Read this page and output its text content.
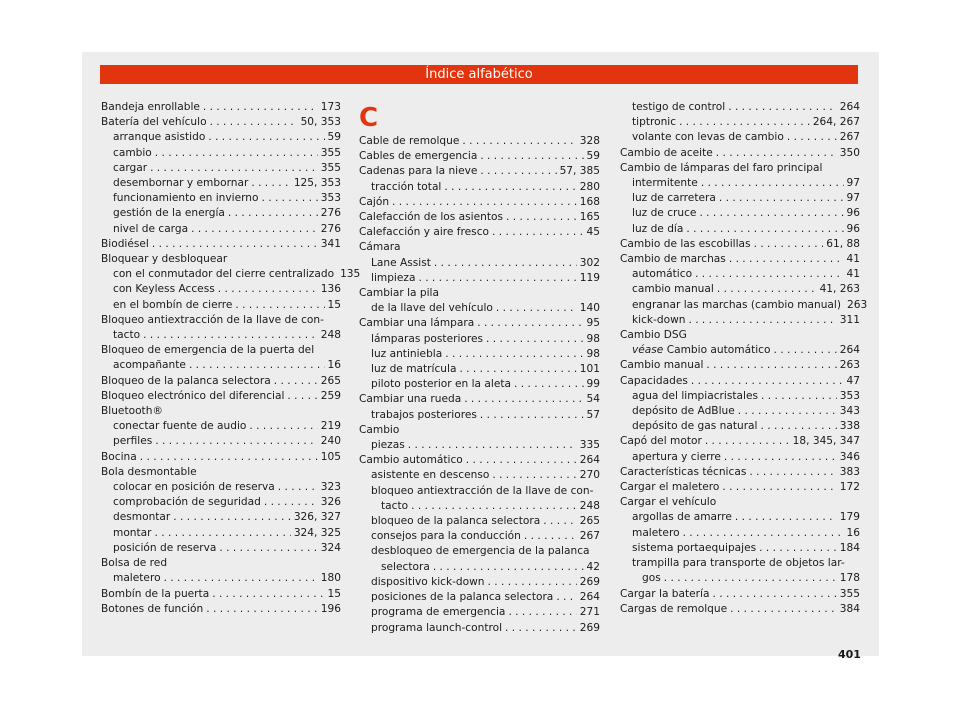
Índice alfabético
Bandeja enrollable . . .	173
Batería del vehículo . . .	50, 353
arranque asistido . . .	59
cambio . . .	355
cargar . . .	355
desembornar y embornar . . .	125, 353
funcionamiento en invierno . . .	353
gestión de la energía . . .	276
nivel de carga . . .	276
Biodiésel . . .	341
Bloquear y desbloquear
con el conmutador del cierre centralizado 135
con Keyless Access . . .	136
en el bombín de cierre . . .	15
Bloqueo antiextracción de la llave de con-
tacto . . .	248
Bloqueo de emergencia de la puerta del
acompañante . . .	16
Bloqueo de la palanca selectora . . .	265
Bloqueo electrónico del diferencial . . .	259
Bluetooth®
conectar fuente de audio . . .	219
perfiles . . .	240
Bocina . . .	105
Bola desmontable
colocar en posición de reserva . . .	323
comprobación de seguridad . . .	326
desmontar . . .	326, 327
montar . . .	324, 325
posición de reserva . . .	324
Bolsa de red
maletero . . .	180
Bombín de la puerta . . .	15
Botones de función . . .	196
C
Cable de remolque . . .	328
Cables de emergencia . . .	59
Cadenas para la nieve . . .	57, 385
tracción total . . .	280
Cajón . . .	168
Calefacción de los asientos . . .	165
Calefacción y aire fresco . . .	45
Cámara
Lane Assist . . .	302
limpieza . . .	119
Cambiar la pila
de la llave del vehículo . . .	140
Cambiar una lámpara . . .	95
lámparas posteriores . . .	98
luz antiniebla . . .	98
luz de matrícula . . .	101
piloto posterior en la aleta . . .	99
Cambiar una rueda . . .	54
trabajos posteriores . . .	57
Cambio
piezas . . .	335
Cambio automático . . .	264
asistente en descenso . . .	270
bloqueo antiextracción de la llave de con-
tacto . . .	248
bloqueo de la palanca selectora . . .	265
consejos para la conducción . . .	267
desbloqueo de emergencia de la palanca
selectora . . .	42
dispositivo kick-down . . .	269
posiciones de la palanca selectora . . . 264
programa de emergencia . . .	271
programa launch-control . . .	269
testigo de control . . .	264
tiptronic . . .	264, 267
volante con levas de cambio . . .	267
Cambio de aceite . . .	350
Cambio de lámparas del faro principal
intermitente . . .	97
luz de carretera . . .	97
luz de cruce . . .	96
luz de día . . .	96
Cambio de las escobillas . . .	61, 88
Cambio de marchas . . .	41
automático . . .	41
cambio manual . . .	41, 263
engranar las marchas (cambio manual) 263
kick-down . . .	311
Cambio DSG
véase Cambio automático . . .	264
Cambio manual . . .	263
Capacidades . . .	47
agua del limpiacristales . . .	353
depósito de AdBlue . . .	343
depósito de gas natural . . .	338
Capó del motor . . .	18, 345, 347
apertura y cierre . . .	346
Características técnicas . . .	383
Cargar el maletero . . .	172
Cargar el vehículo
argollas de amarre . . .	179
maletero . . .	16
sistema portaequipajes . . .	184
trampilla para transporte de objetos lar-
gos . . .	178
Cargar la batería . . .	355
Cargas de remolque . . .	384
401
